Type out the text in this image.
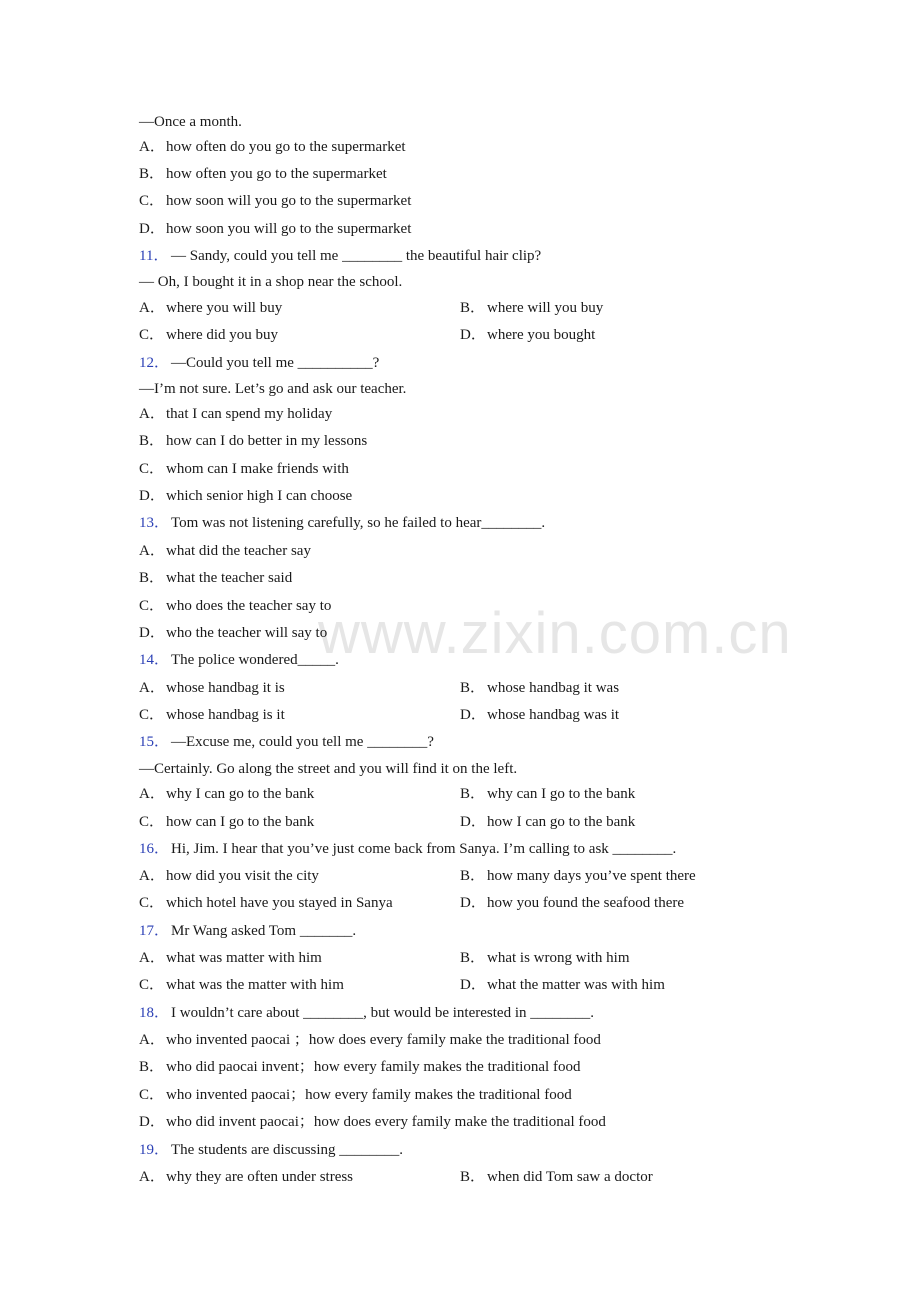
www.zixin.com.cn
—Once a month.
A．how often do you go to the supermarket
B． how often you go to the supermarket
C． how soon will you go to the supermarket
D．how soon you will go to the supermarket
11． — Sandy, could you tell me ________ the beautiful hair clip?
— Oh, I bought it in a shop near the school.
A．where you will buy	B． where will you buy
C． where did you buy	D．where you bought
12． —Could you tell me __________?
—I’m not sure. Let’s go and ask our teacher.
A．that I can spend my holiday
B． how can I do better in my lessons
C． whom can I make friends with
D．which senior high I can choose
13． Tom was not listening carefully, so he failed to hear________.
A．what did the teacher say
B． what the teacher said
C． who does the teacher say to
D．who the teacher will say to
14． The police wondered_____.
A．whose handbag it is	B． whose handbag it was
C． whose handbag is it	D．whose handbag was it
15． —Excuse me, could you tell me ________?
—Certainly. Go along the street and you will find it on the left.
A．why I can go to the bank	B． why can I go to the bank
C． how can I go to the bank	D．how I can go to the bank
16． Hi, Jim. I hear that you’ve just come back from Sanya. I’m calling to ask ________.
A．how did you visit the city	B． how many days you’ve spent there
C． which hotel have you stayed in Sanya	D．how you found the seafood there
17． Mr Wang asked Tom _______.
A．what was matter with him	B． what is wrong with him
C． what was the matter with him	D．what the matter was with him
18． I wouldn’t care about ________, but would be interested in ________.
A．who invented paocai ；how does every family make the traditional food
B． who did paocai invent；how every family makes the traditional food
C． who invented paocai；how every family makes the traditional food
D．who did invent paocai；how does every family make the traditional food
19． The students are discussing ________.
A．why they are often under stress	B． when did Tom saw a doctor
